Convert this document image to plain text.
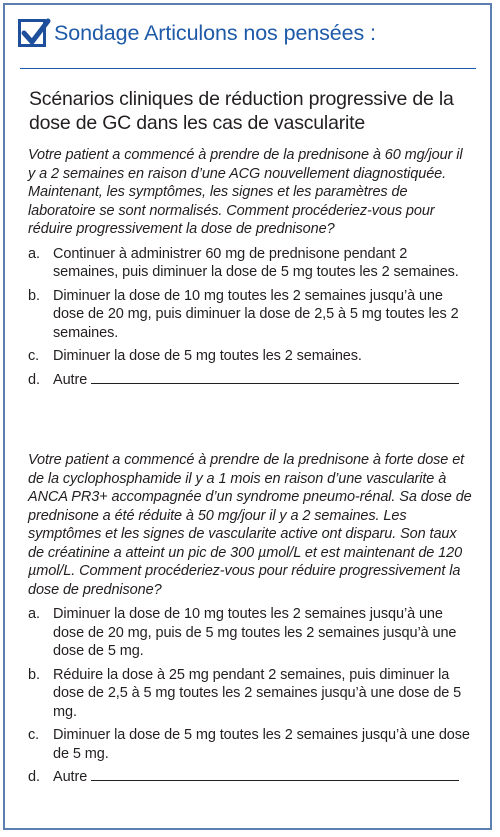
Sondage Articulons nos pensées :
Scénarios cliniques de réduction progressive de la dose de GC dans les cas de vascularite
Votre patient a commencé à prendre de la prednisone à 60 mg/jour il y a 2 semaines en raison d’une ACG nouvellement diagnostiquée. Maintenant, les symptômes, les signes et les paramètres de laboratoire se sont normalisés. Comment procéderiez-vous pour réduire progressivement la dose de prednisone?
a. Continuer à administrer 60 mg de prednisone pendant 2 semaines, puis diminuer la dose de 5 mg toutes les 2 semaines.
b. Diminuer la dose de 10 mg toutes les 2 semaines jusqu’à une dose de 20 mg, puis diminuer la dose de 2,5 à 5 mg toutes les 2 semaines.
c. Diminuer la dose de 5 mg toutes les 2 semaines.
d. Autre
Votre patient a commencé à prendre de la prednisone à forte dose et de la cyclophosphamide il y a 1 mois en raison d’une vascularite à ANCA PR3+ accompagnée d’un syndrome pneumo-rénal. Sa dose de prednisone a été réduite à 50 mg/jour il y a 2 semaines. Les symptômes et les signes de vascularite active ont disparu. Son taux de créatinine a atteint un pic de 300 µmol/L et est maintenant de 120 µmol/L. Comment procéderiez-vous pour réduire progressivement la dose de prednisone?
a. Diminuer la dose de 10 mg toutes les 2 semaines jusqu’à une dose de 20 mg, puis de 5 mg toutes les 2 semaines jusqu’à une dose de 5 mg.
b. Réduire la dose à 25 mg pendant 2 semaines, puis diminuer la dose de 2,5 à 5 mg toutes les 2 semaines jusqu’à une dose de 5 mg.
c. Diminuer la dose de 5 mg toutes les 2 semaines jusqu’à une dose de 5 mg.
d. Autre
